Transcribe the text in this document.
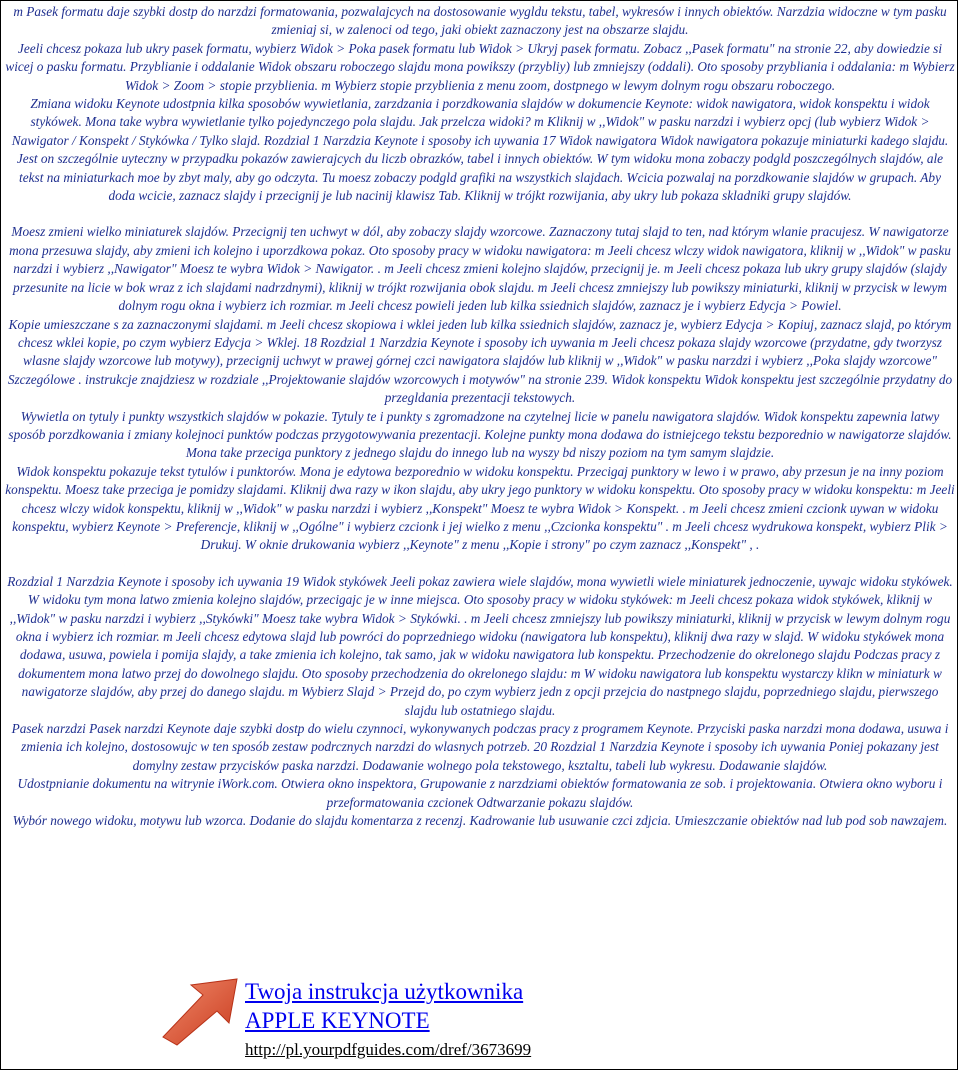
m Pasek formatu daje szybki dostp do narzdzi formatowania, pozwalajcych na dostosowanie wygldu tekstu, tabel, wykresów i innych obiektów. Narzdzia widoczne w tym pasku zmieniaj si, w zalenoci od tego, jaki obiekt zaznaczony jest na obszarze slajdu.

Jeeli chcesz pokaza lub ukry pasek formatu, wybierz Widok > Poka pasek formatu lub Widok > Ukryj pasek formatu. Zobacz ,,Pasek formatu" na stronie 22, aby dowiedzie si wicej o pasku formatu. Przyblianie i oddalanie Widok obszaru roboczego slajdu mona powikszy (przybliy) lub zmniejszy (oddali). Oto sposoby przybliania i oddalania: m Wybierz Widok > Zoom > stopie przyblienia. m Wybierz stopie przyblienia z menu zoom, dostpnego w lewym dolnym rogu obszaru roboczego.

Zmiana widoku Keynote udostpnia kilka sposobów wywietlania, zarzdzania i porzdkowania slajdów w dokumencie Keynote: widok nawigatora, widok konspektu i widok stykówek. Mona take wybra wywietlanie tylko pojedynczego pola slajdu. Jak przelcza widoki? m Kliknij w ,,Widok" w pasku narzdzi i wybierz opcj (lub wybierz Widok > Nawigator / Konspekt / Stykówka / Tylko slajd. Rozdzial 1 Narzdzia Keynote i sposoby ich uywania 17 Widok nawigatora Widok nawigatora pokazuje miniaturki kadego slajdu. Jest on szczególnie uyteczny w przypadku pokazów zawierajcych du liczb obrazków, tabel i innych obiektów. W tym widoku mona zobaczy podgld poszczególnych slajdów, ale tekst na miniaturkach moe by zbyt maly, aby go odczyta. Tu moesz zobaczy podgld grafiki na wszystkich slajdach. Wcicia pozwalaj na porzdkowanie slajdów w grupach. Aby doda wcicie, zaznacz slajdy i przecignij je lub nacinij klawisz Tab. Kliknij w trójkt rozwijania, aby ukry lub pokaza skladniki grupy slajdów.

Moesz zmieni wielko miniaturek slajdów. Przecignij ten uchwyt w dól, aby zobaczy slajdy wzorcowe. Zaznaczony tutaj slajd to ten, nad którym wlanie pracujesz. W nawigatorze mona przesuwa slajdy, aby zmieni ich kolejno i uporzdkowa pokaz. Oto sposoby pracy w widoku nawigatora: m Jeeli chcesz wlczy widok nawigatora, kliknij w ,,Widok" w pasku narzdzi i wybierz ,,Nawigator" Moesz te wybra Widok > Nawigator. . m Jeeli chcesz zmieni kolejno slajdów, przecignij je. m Jeeli chcesz pokaza lub ukry grupy slajdów (slajdy przesunite na licie w bok wraz z ich slajdami nadrzdnymi), kliknij w trójkt rozwijania obok slajdu. m Jeeli chcesz zmniejszy lub powikszy miniaturki, kliknij w przycisk w lewym dolnym rogu okna i wybierz ich rozmiar. m Jeeli chcesz powieli jeden lub kilka ssiednich slajdów, zaznacz je i wybierz Edycja > Powiel.

Kopie umieszczane s za zaznaczonymi slajdami. m Jeeli chcesz skopiowa i wklei jeden lub kilka ssiednich slajdów, zaznacz je, wybierz Edycja > Kopiuj, zaznacz slajd, po którym chcesz wklei kopie, po czym wybierz Edycja > Wklej. 18 Rozdzial 1 Narzdzia Keynote i sposoby ich uywania m Jeeli chcesz pokaza slajdy wzorcowe (przydatne, gdy tworzysz wlasne slajdy wzorcowe lub motywy), przecignij uchwyt w prawej górnej czci nawigatora slajdów lub kliknij w ,,Widok" w pasku narzdzi i wybierz ,,Poka slajdy wzorcowe" Szczególowe . instrukcje znajdziesz w rozdziale ,,Projektowanie slajdów wzorcowych i motywów" na stronie 239. Widok konspektu Widok konspektu jest szczególnie przydatny do przegldania prezentacji tekstowych.

Wywietla on tytuly i punkty wszystkich slajdów w pokazie. Tytuly te i punkty s zgromadzone na czytelnej licie w panelu nawigatora slajdów. Widok konspektu zapewnia latwy sposób porzdkowania i zmiany kolejnoci punktów podczas przygotowywania prezentacji. Kolejne punkty mona dodawa do istniejcego tekstu bezporednio w nawigatorze slajdów. Mona take przeciga punktory z jednego slajdu do innego lub na wyszy bd niszy poziom na tym samym slajdzie.

Widok konspektu pokazuje tekst tytulów i punktorów. Mona je edytowa bezporednio w widoku konspektu. Przecigaj punktory w lewo i w prawo, aby przesun je na inny poziom konspektu. Moesz take przeciga je pomidzy slajdami. Kliknij dwa razy w ikon slajdu, aby ukry jego punktory w widoku konspektu. Oto sposoby pracy w widoku konspektu: m Jeeli chcesz wlczy widok konspektu, kliknij w ,,Widok" w pasku narzdzi i wybierz ,,Konspekt" Moesz te wybra Widok > Konspekt. . m Jeeli chcesz zmieni czcionk uywan w widoku konspektu, wybierz Keynote > Preferencje, kliknij w ,,Ogólne" i wybierz czcionk i jej wielko z menu ,,Czcionka konspektu" . m Jeeli chcesz wydrukowa konspekt, wybierz Plik > Drukuj. W oknie drukowania wybierz ,,Keynote" z menu ,,Kopie i strony" po czym zaznacz ,,Konspekt" , .

Rozdzial 1 Narzdzia Keynote i sposoby ich uywania 19 Widok stykówek Jeeli pokaz zawiera wiele slajdów, mona wywietli wiele miniaturek jednoczenie, uywajc widoku stykówek. W widoku tym mona latwo zmienia kolejno slajdów, przecigajc je w inne miejsca. Oto sposoby pracy w widoku stykówek: m Jeeli chcesz pokaza widok stykówek, kliknij w ,,Widok" w pasku narzdzi i wybierz ,,Stykówki" Moesz take wybra Widok > Stykówki. . m Jeeli chcesz zmniejszy lub powikszy miniaturki, kliknij w przycisk w lewym dolnym rogu okna i wybierz ich rozmiar. m Jeeli chcesz edytowa slajd lub powróci do poprzedniego widoku (nawigatora lub konspektu), kliknij dwa razy w slajd. W widoku stykówek mona dodawa, usuwa, powiela i pomija slajdy, a take zmienia ich kolejno, tak samo, jak w widoku nawigatora lub konspektu. Przechodzenie do okrelonego slajdu Podczas pracy z dokumentem mona latwo przej do dowolnego slajdu. Oto sposoby przechodzenia do okrelonego slajdu: m W widoku nawigatora lub konspektu wystarczy klikn w miniaturk w nawigatorze slajdów, aby przej do danego slajdu. m Wybierz Slajd > Przejd do, po czym wybierz jedn z opcji przejcia do nastpnego slajdu, poprzedniego slajdu, pierwszego slajdu lub ostatniego slajdu.

Pasek narzdzi Pasek narzdzi Keynote daje szybki dostp do wielu czynnoci, wykonywanych podczas pracy z programem Keynote. Przyciski paska narzdzi mona dodawa, usuwa i zmienia ich kolejno, dostosowujc w ten sposób zestaw podrcznych narzdzi do wlasnych potrzeb. 20 Rozdzial 1 Narzdzia Keynote i sposoby ich uywania Poniej pokazany jest domylny zestaw przycisków paska narzdzi. Dodawanie wolnego pola tekstowego, ksztaltu, tabeli lub wykresu. Dodawanie slajdów.

Udostpnianie dokumentu na witrynie iWork.com. Otwiera okno inspektora, Grupowanie z narzdziami obiektów formatowania ze sob. i projektowania. Otwiera okno wyboru i przeformatowania czcionek Odtwarzanie pokazu slajdów.

Wybór nowego widoku, motywu lub wzorca. Dodanie do slajdu komentarza z recenzj. Kadrowanie lub usuwanie czci zdjcia. Umieszczanie obiektów nad lub pod sob nawzajem.

Twoja instrukcja użytkownika
APPLE KEYNOTE
http://pl.yourpdfguides.com/dref/3673699
